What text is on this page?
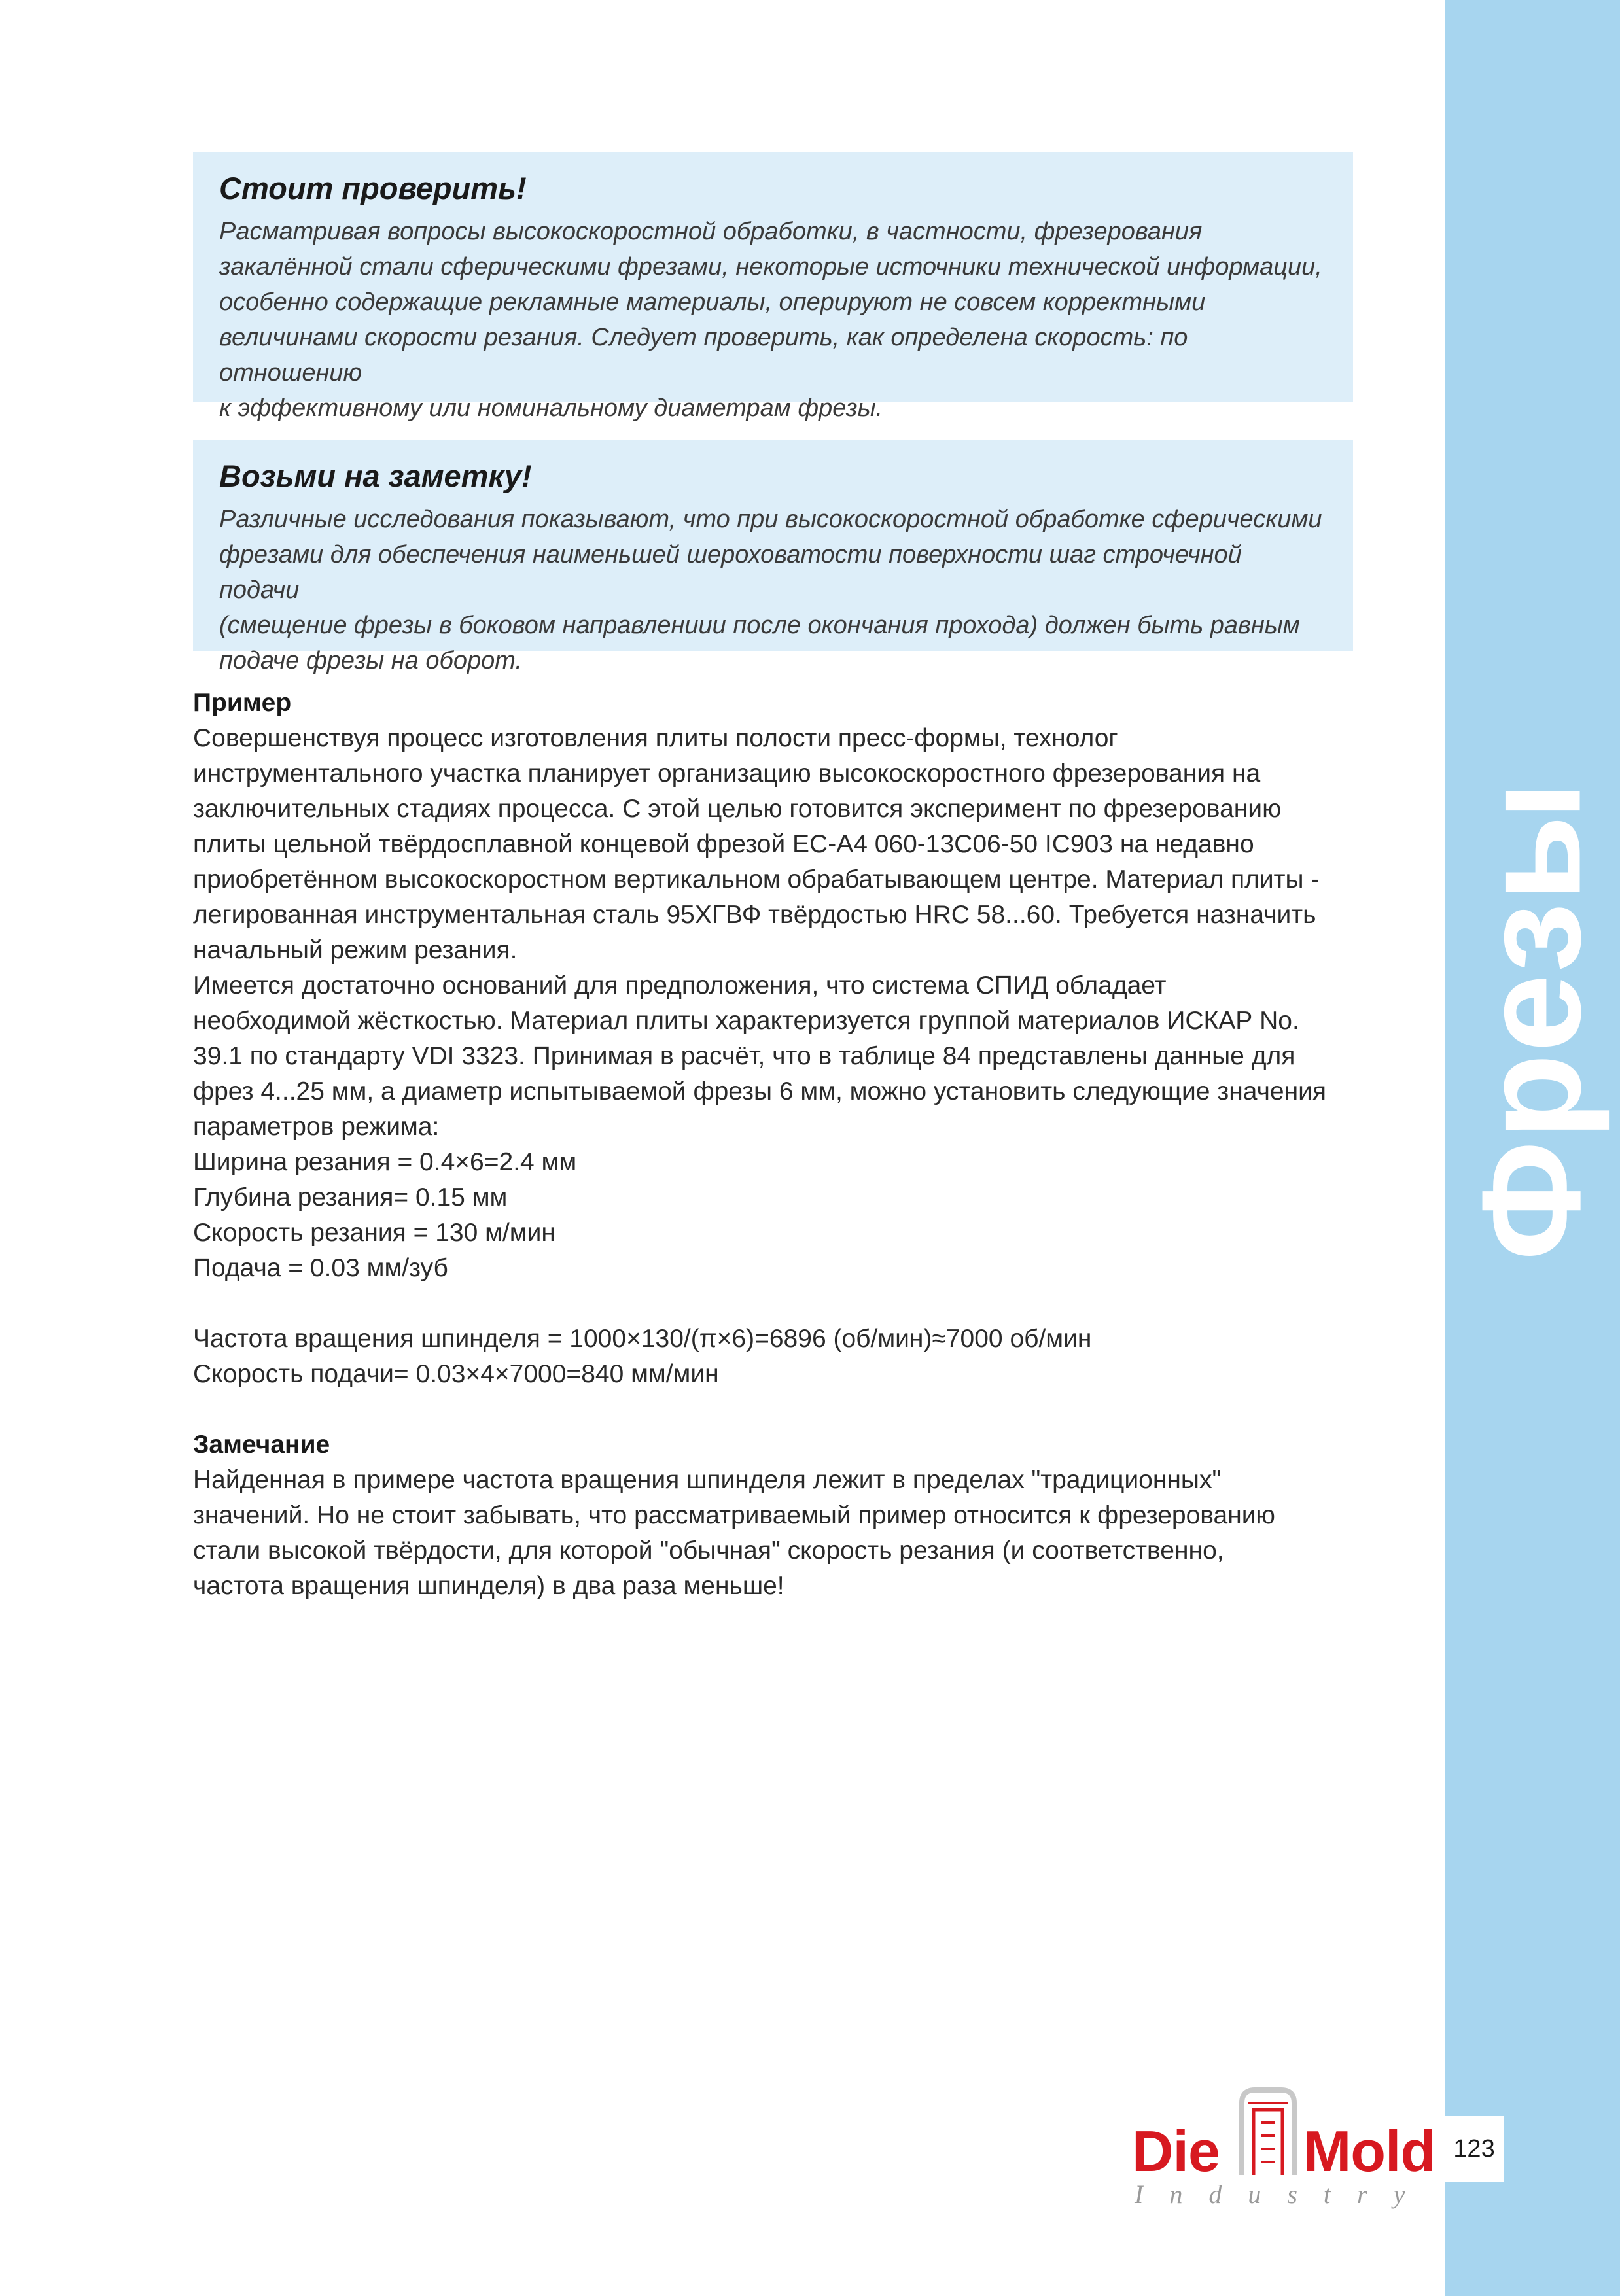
Фрезы
Стоит проверить!
Расматривая вопросы высокоскоростной обработки, в частности, фрезерования
закалённой стали сферическими фрезами, некоторые источники технической информации,
особенно содержащие рекламные материалы, оперируют не совсем корректными
величинами скорости резания. Следует проверить, как определена скорость: по отношению
к эффективному или номинальному диаметрам фрезы.
Возьми на заметку!
Различные исследования показывают, что при высокоскоростной обработке сферическими
фрезами для обеспечения наименьшей шероховатости поверхности шаг строчечной подачи
(смещение фрезы в боковом направлениии после окончания прохода) должен быть равным
подаче фрезы на оборот.

Пример

Совершенствуя процесс изготовления плиты полости пресс-формы, технолог

инструментального участка планирует организацию высокоскоростного фрезерования на

заключительных стадиях процесса. С этой целью готовится эксперимент по фрезерованию

плиты цельной твёрдосплавной концевой фрезой EC-A4 060-13C06-50 IC903 на недавно

приобретённом высокоскоростном вертикальном обрабатывающем центре. Материал плиты -

легированная инструментальная сталь 95ХГВФ твёрдостью HRC 58...60. Требуется назначить

начальный режим резания.

Имеется достаточно оснований для предположения, что система СПИД обладает

необходимой жёсткостью. Материал плиты характеризуется группой материалов ИСКАР No.

39.1 по стандарту VDI 3323. Принимая в расчёт, что в таблице 84 представлены данные для

фрез 4...25 мм, а диаметр испытываемой фрезы 6 мм, можно установить следующие значения

параметров режима:

Ширина резания = 0.4×6=2.4 мм

Глубина резания= 0.15 мм

Скорость резания = 130 м/мин

Подача = 0.03 мм/зуб

Частота вращения шпинделя = 1000×130/(π×6)=6896 (об/мин)≈7000 об/мин

Скорость подачи= 0.03×4×7000=840 мм/мин

Замечание

Найденная в примере частота вращения шпинделя лежит в пределах "традиционных"

значений. Но не стоит забывать, что рассматриваемый пример относится к фрезерованию

стали высокой твёрдости, для которой "обычная" скорость резания (и соответственно,

частота вращения шпинделя) в два раза меньше!

Die Mold
Industry
123
